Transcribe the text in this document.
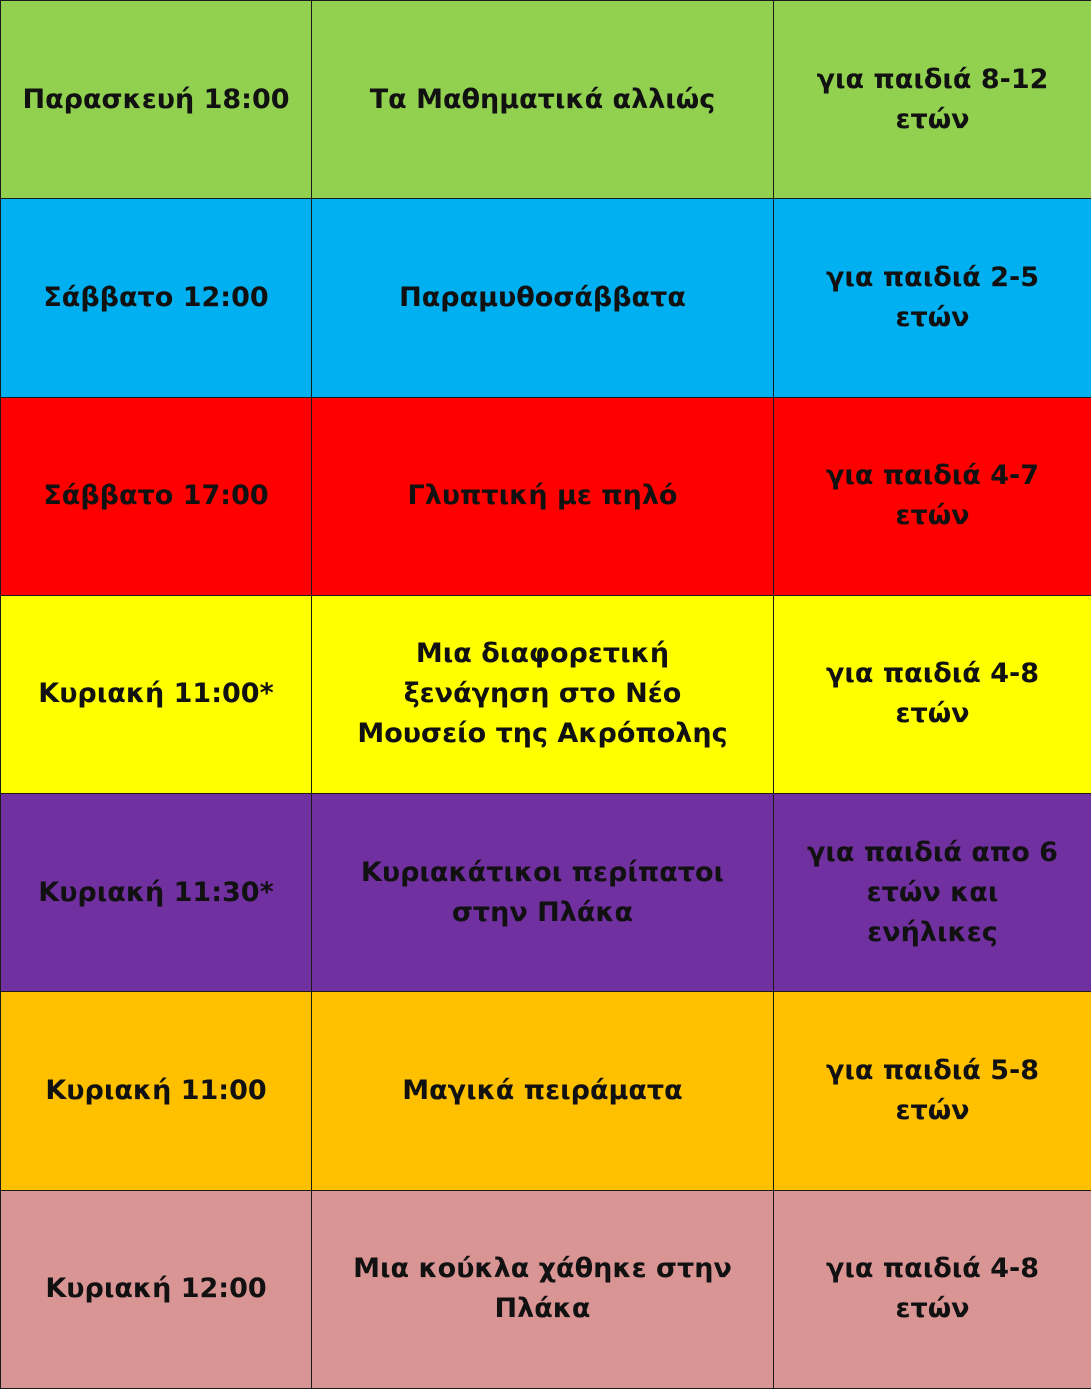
Παρασκευή 18:00	Τα Μαθηματικά αλλιώς	για παιδιά 8-12 ετών
Σάββατο 12:00	Παραμυθοσάββατα	για παιδιά 2-5 ετών
Σάββατο 17:00	Γλυπτική με πηλό	για παιδιά 4-7 ετών
Κυριακή 11:00*	Μια διαφορετική ξενάγηση στο Νέο Μουσείο της Ακρόπολης	για παιδιά 4-8 ετών
Κυριακή 11:30*	Κυριακάτικοι περίπατοι στην Πλάκα	για παιδιά απο 6 ετών και ενήλικες
Κυριακή 11:00	Μαγικά πειράματα	για παιδιά 5-8 ετών
Κυριακή 12:00	Μια κούκλα χάθηκε στην Πλάκα	για παιδιά 4-8 ετών
